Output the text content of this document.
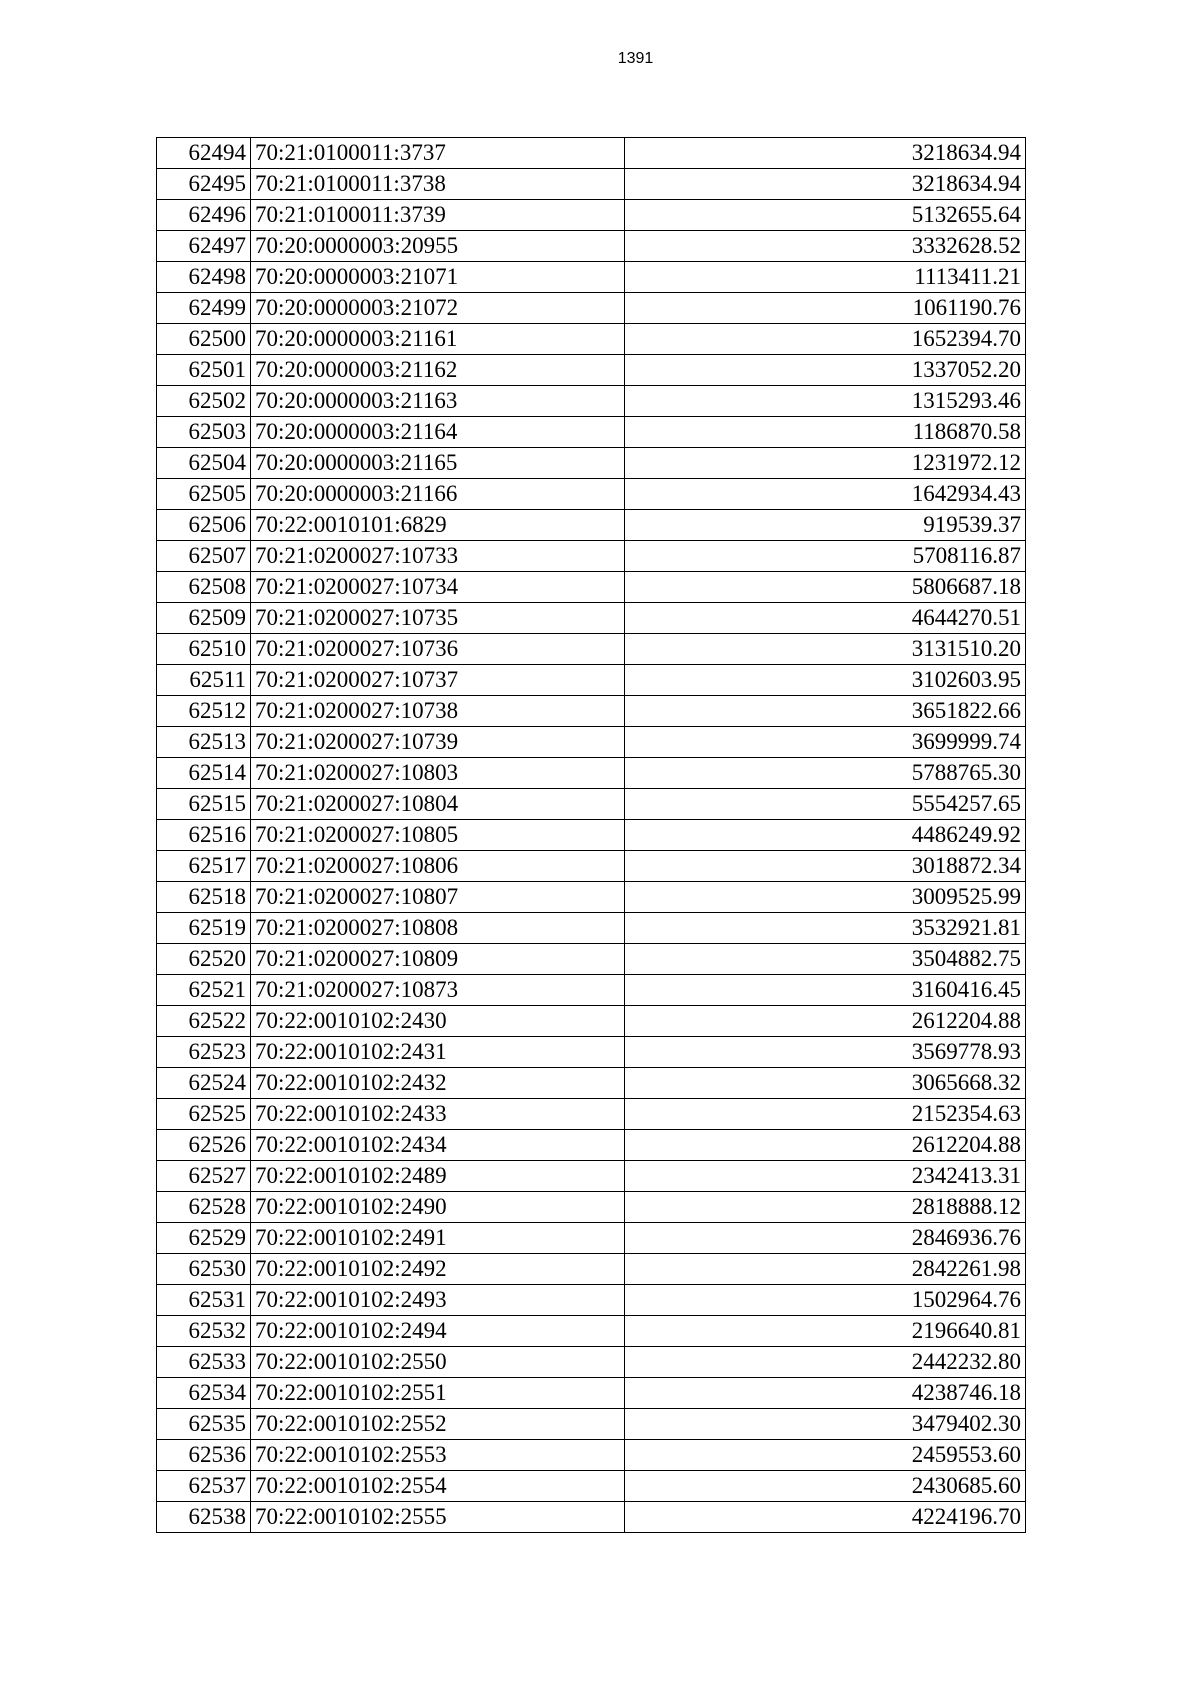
1391
62494	70:21:0100011:3737	3218634.94
62495	70:21:0100011:3738	3218634.94
62496	70:21:0100011:3739	5132655.64
62497	70:20:0000003:20955	3332628.52
62498	70:20:0000003:21071	1113411.21
62499	70:20:0000003:21072	1061190.76
62500	70:20:0000003:21161	1652394.70
62501	70:20:0000003:21162	1337052.20
62502	70:20:0000003:21163	1315293.46
62503	70:20:0000003:21164	1186870.58
62504	70:20:0000003:21165	1231972.12
62505	70:20:0000003:21166	1642934.43
62506	70:22:0010101:6829	919539.37
62507	70:21:0200027:10733	5708116.87
62508	70:21:0200027:10734	5806687.18
62509	70:21:0200027:10735	4644270.51
62510	70:21:0200027:10736	3131510.20
62511	70:21:0200027:10737	3102603.95
62512	70:21:0200027:10738	3651822.66
62513	70:21:0200027:10739	3699999.74
62514	70:21:0200027:10803	5788765.30
62515	70:21:0200027:10804	5554257.65
62516	70:21:0200027:10805	4486249.92
62517	70:21:0200027:10806	3018872.34
62518	70:21:0200027:10807	3009525.99
62519	70:21:0200027:10808	3532921.81
62520	70:21:0200027:10809	3504882.75
62521	70:21:0200027:10873	3160416.45
62522	70:22:0010102:2430	2612204.88
62523	70:22:0010102:2431	3569778.93
62524	70:22:0010102:2432	3065668.32
62525	70:22:0010102:2433	2152354.63
62526	70:22:0010102:2434	2612204.88
62527	70:22:0010102:2489	2342413.31
62528	70:22:0010102:2490	2818888.12
62529	70:22:0010102:2491	2846936.76
62530	70:22:0010102:2492	2842261.98
62531	70:22:0010102:2493	1502964.76
62532	70:22:0010102:2494	2196640.81
62533	70:22:0010102:2550	2442232.80
62534	70:22:0010102:2551	4238746.18
62535	70:22:0010102:2552	3479402.30
62536	70:22:0010102:2553	2459553.60
62537	70:22:0010102:2554	2430685.60
62538	70:22:0010102:2555	4224196.70
